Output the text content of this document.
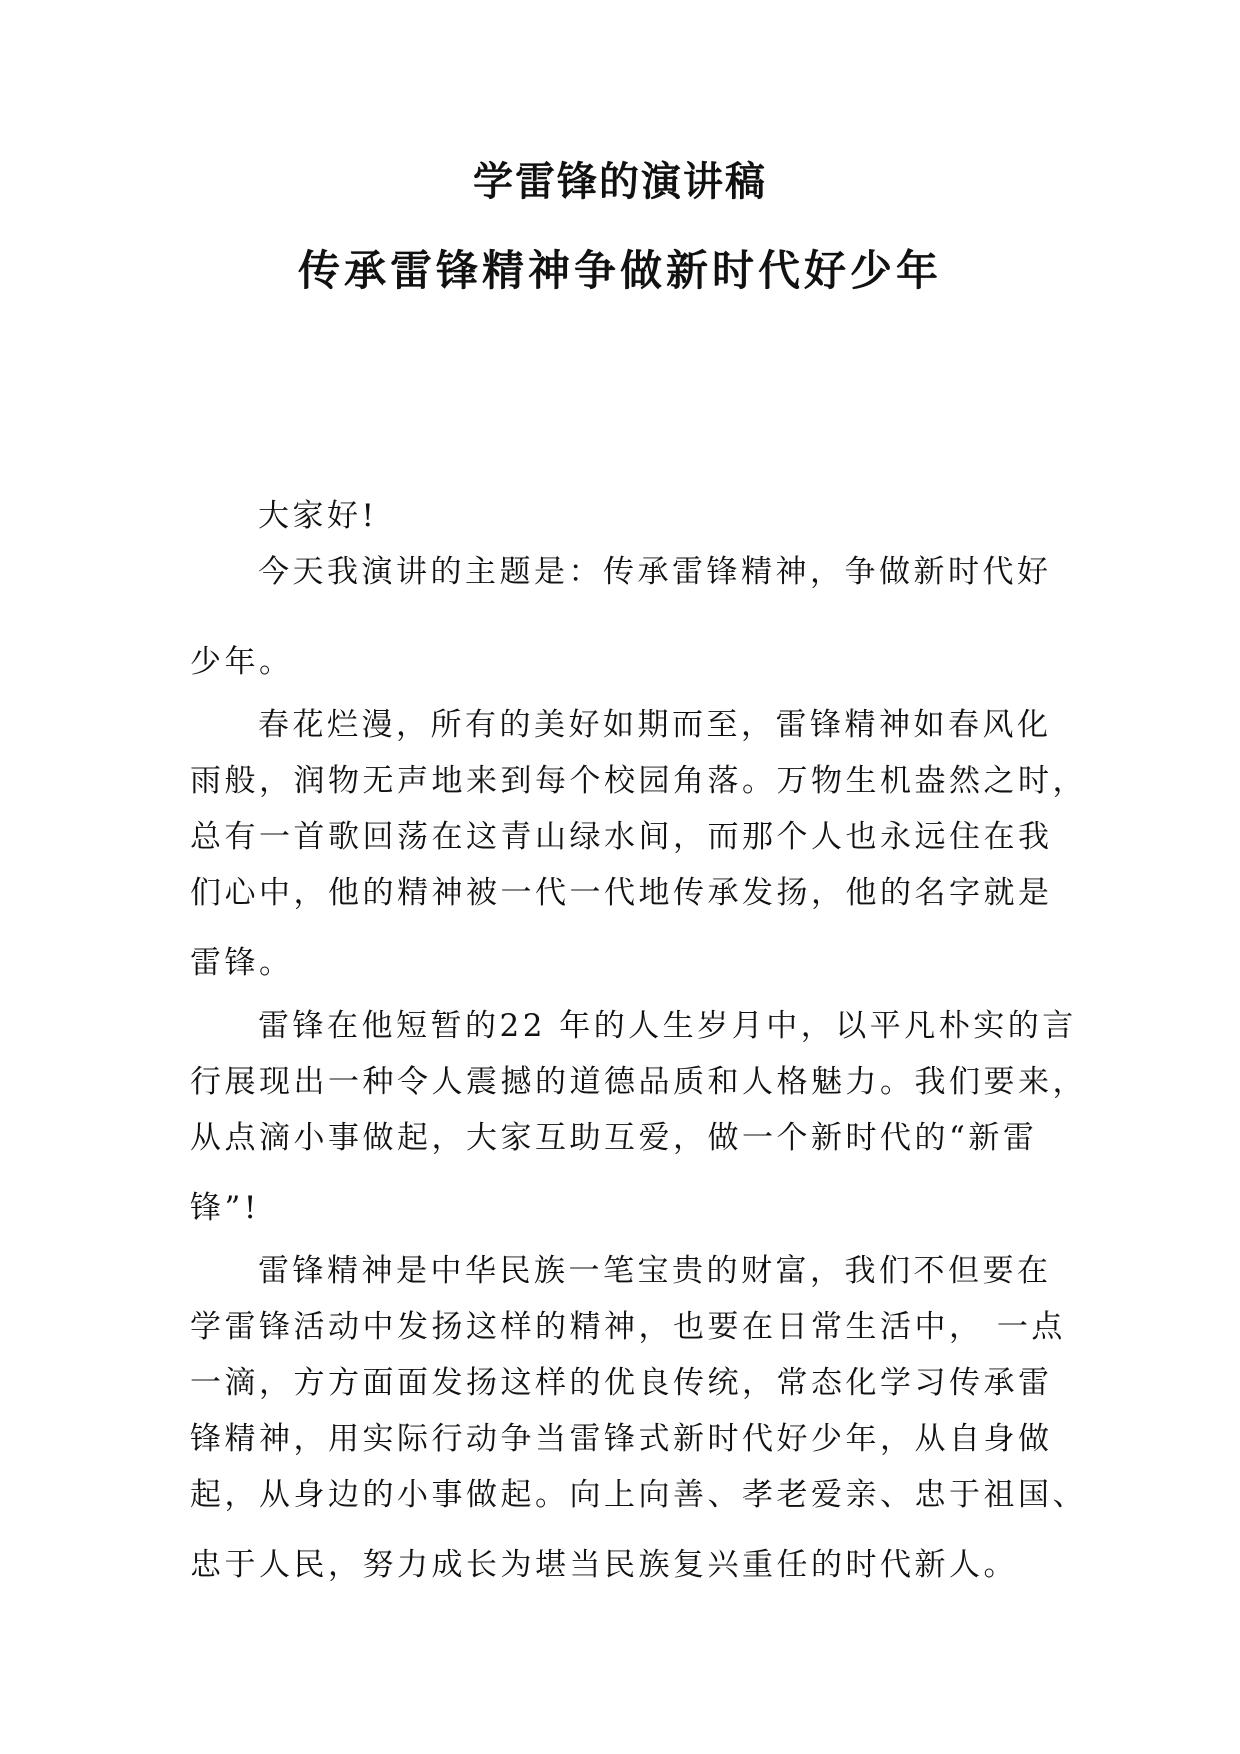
学雷锋的演讲稿
传承雷锋精神争做新时代好少年

大家好!

今天我演讲的主题是：传承雷锋精神，争做新时代好

少年。

春花烂漫，所有的美好如期而至，雷锋精神如春风化

雨般，润物无声地来到每个校园角落。万物生机盎然之时，

总有一首歌回荡在这青山绿水间，而那个人也永远住在我

们心中，他的精神被一代一代地传承发扬，他的名字就是

雷锋。

雷锋在他短暂的22 年的人生岁月中，以平凡朴实的言

行展现出一种令人震撼的道德品质和人格魅力。我们要来，

从点滴小事做起，大家互助互爱，做一个新时代的“新雷

锋”!

雷锋精神是中华民族一笔宝贵的财富，我们不但要在

学雷锋活动中发扬这样的精神，也要在日常生活中， 一点

一滴，方方面面发扬这样的优良传统，常态化学习传承雷

锋精神，用实际行动争当雷锋式新时代好少年，从自身做

起，从身边的小事做起。向上向善、孝老爱亲、忠于祖国、

忠于人民，努力成长为堪当民族复兴重任的时代新人。
